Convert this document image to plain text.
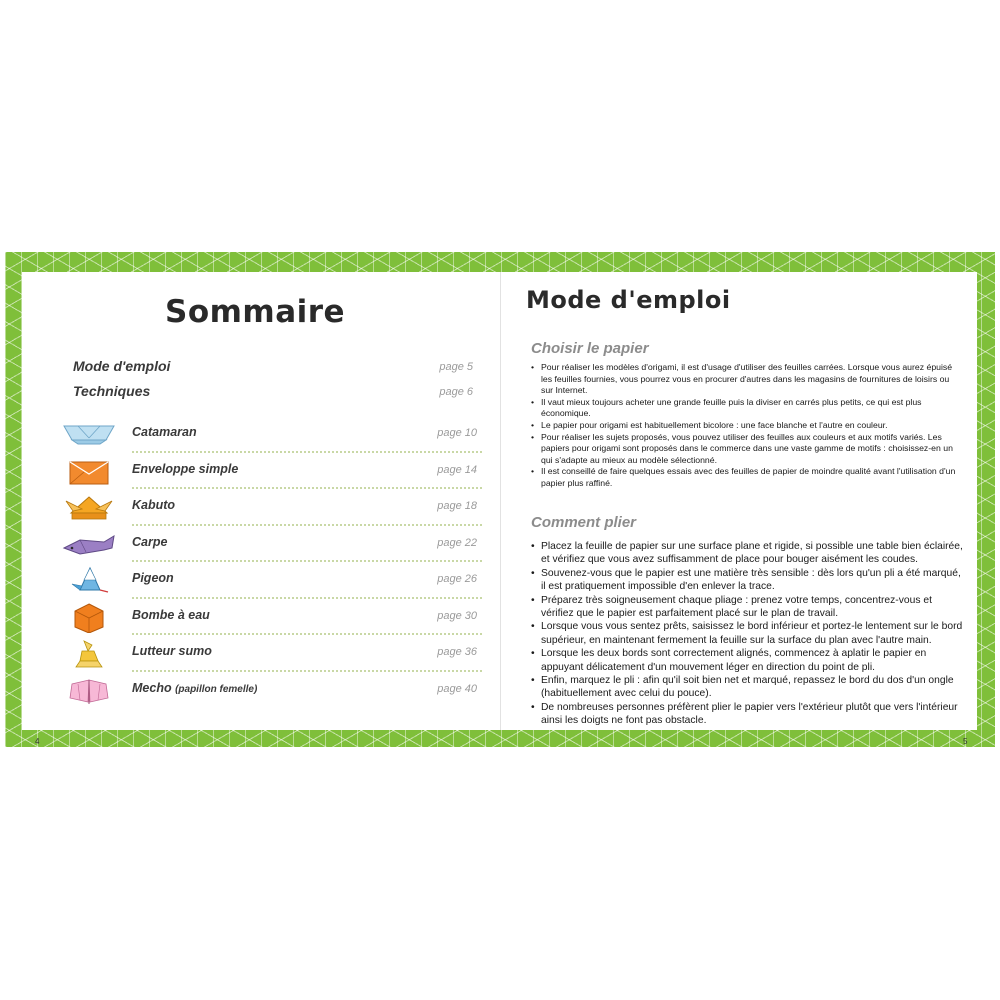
Sommaire
Mode d'emploi	page 5
Techniques	page 6
Catamaran	page 10
Enveloppe simple	page 14
Kabuto	page 18
Carpe	page 22
Pigeon	page 26
Bombe à eau	page 30
Lutteur sumo	page 36
Mecho (papillon femelle)	page 40
4
Mode d'emploi
Choisir le papier
• Pour réaliser les modèles d'origami, il est d'usage d'utiliser des feuilles carrées. Lorsque vous aurez épuisé les feuilles fournies, vous pourrez vous en procurer d'autres dans les magasins de fournitures de loisirs ou sur Internet.
• Il vaut mieux toujours acheter une grande feuille puis la diviser en carrés plus petits, ce qui est plus économique.
• Le papier pour origami est habituellement bicolore : une face blanche et l'autre en couleur.
• Pour réaliser les sujets proposés, vous pouvez utiliser des feuilles aux couleurs et aux motifs variés. Les papiers pour origami sont proposés dans le commerce dans une vaste gamme de motifs : choisissez-en un qui s'adapte au mieux au modèle sélectionné.
• Il est conseillé de faire quelques essais avec des feuilles de papier de moindre qualité avant l'utilisation d'un papier plus raffiné.
Comment plier
• Placez la feuille de papier sur une surface plane et rigide, si possible une table bien éclairée, et vérifiez que vous avez suffisamment de place pour bouger aisément les coudes.
• Souvenez-vous que le papier est une matière très sensible : dès lors qu'un pli a été marqué, il est pratiquement impossible d'en enlever la trace.
• Préparez très soigneusement chaque pliage : prenez votre temps, concentrez-vous et vérifiez que le papier est parfaitement placé sur le plan de travail.
• Lorsque vous vous sentez prêts, saisissez le bord inférieur et portez-le lentement sur le bord supérieur, en maintenant fermement la feuille sur la surface du plan avec l'autre main.
• Lorsque les deux bords sont correctement alignés, commencez à aplatir le papier en appuyant délicatement d'un mouvement léger en direction du point de pli.
• Enfin, marquez le pli : afin qu'il soit bien net et marqué, repassez le bord du dos d'un ongle (habituellement avec celui du pouce).
• De nombreuses personnes préfèrent plier le papier vers l'extérieur plutôt que vers l'intérieur ainsi les doigts ne font pas obstacle.
5
